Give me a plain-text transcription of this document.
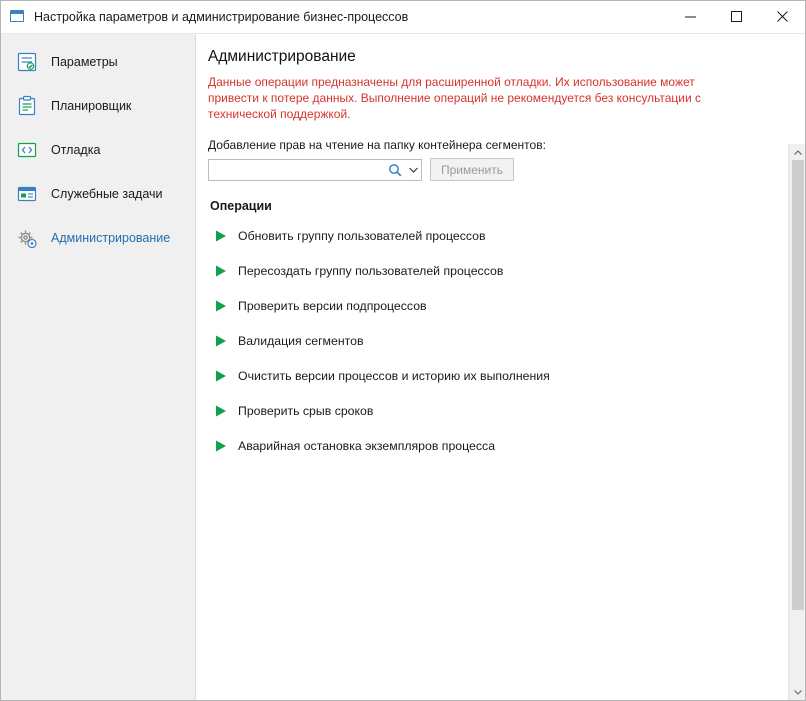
Настройка параметров и администрирование бизнес-процессов
Параметры
Планировщик
Отладка
Служебные задачи
Администрирование
Администрирование

Данные операции предназначены для расширенной отладки. Их использование может привести к потере данных. Выполнение операций не рекомендуется без консультации с технической поддержкой.

Добавление прав на чтение на папку контейнера сегментов:
Применить
Операции
Обновить группу пользователей процессов
Пересоздать группу пользователей процессов
Проверить версии подпроцессов
Валидация сегментов
Очистить версии процессов и историю их выполнения
Проверить срыв сроков
Аварийная остановка экземпляров процесса
